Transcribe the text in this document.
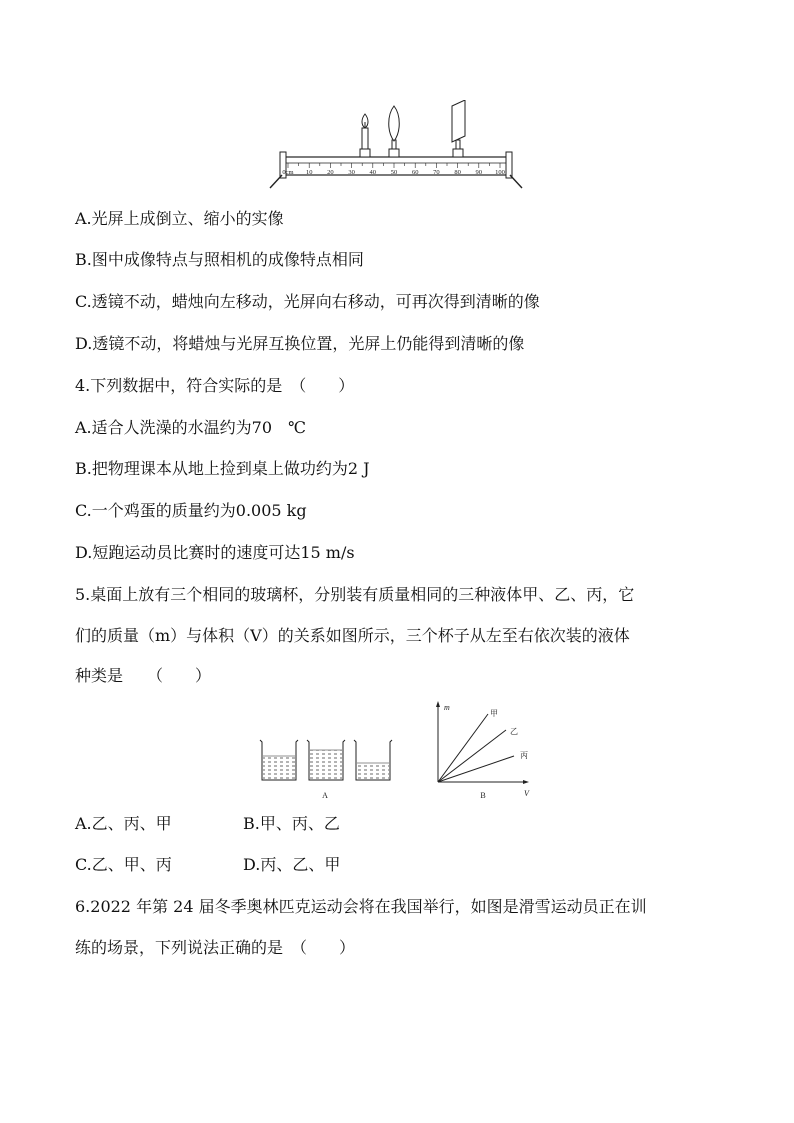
0cm 10 20 30 40 50 60 70 80 90 100
A.光屏上成倒立、缩小的实像
B.图中成像特点与照相机的成像特点相同
C.透镜不动，蜡烛向左移动，光屏向右移动，可再次得到清晰的像
D.透镜不动，将蜡烛与光屏互换位置，光屏上仍能得到清晰的像
4.下列数据中，符合实际的是　（　　）
A.适合人洗澡的水温约为70　℃
B.把物理课本从地上捡到桌上做功约为2 J
C.一个鸡蛋的质量约为0.005 kg
D.短跑运动员比赛时的速度可达15 m/s
5.桌面上放有三个相同的玻璃杯，分别装有质量相同的三种液体甲、乙、丙，它
们的质量（m）与体积（V）的关系如图所示，三个杯子从左至右依次装的液体
种类是　　（　　）
A
m
V
B
甲
乙
丙
A.乙、丙、甲	B.甲、丙、乙
C.乙、甲、丙	D.丙、乙、甲
6.2022 年第 24 届冬季奥林匹克运动会将在我国举行，如图是滑雪运动员正在训
练的场景，下列说法正确的是　（　　）
